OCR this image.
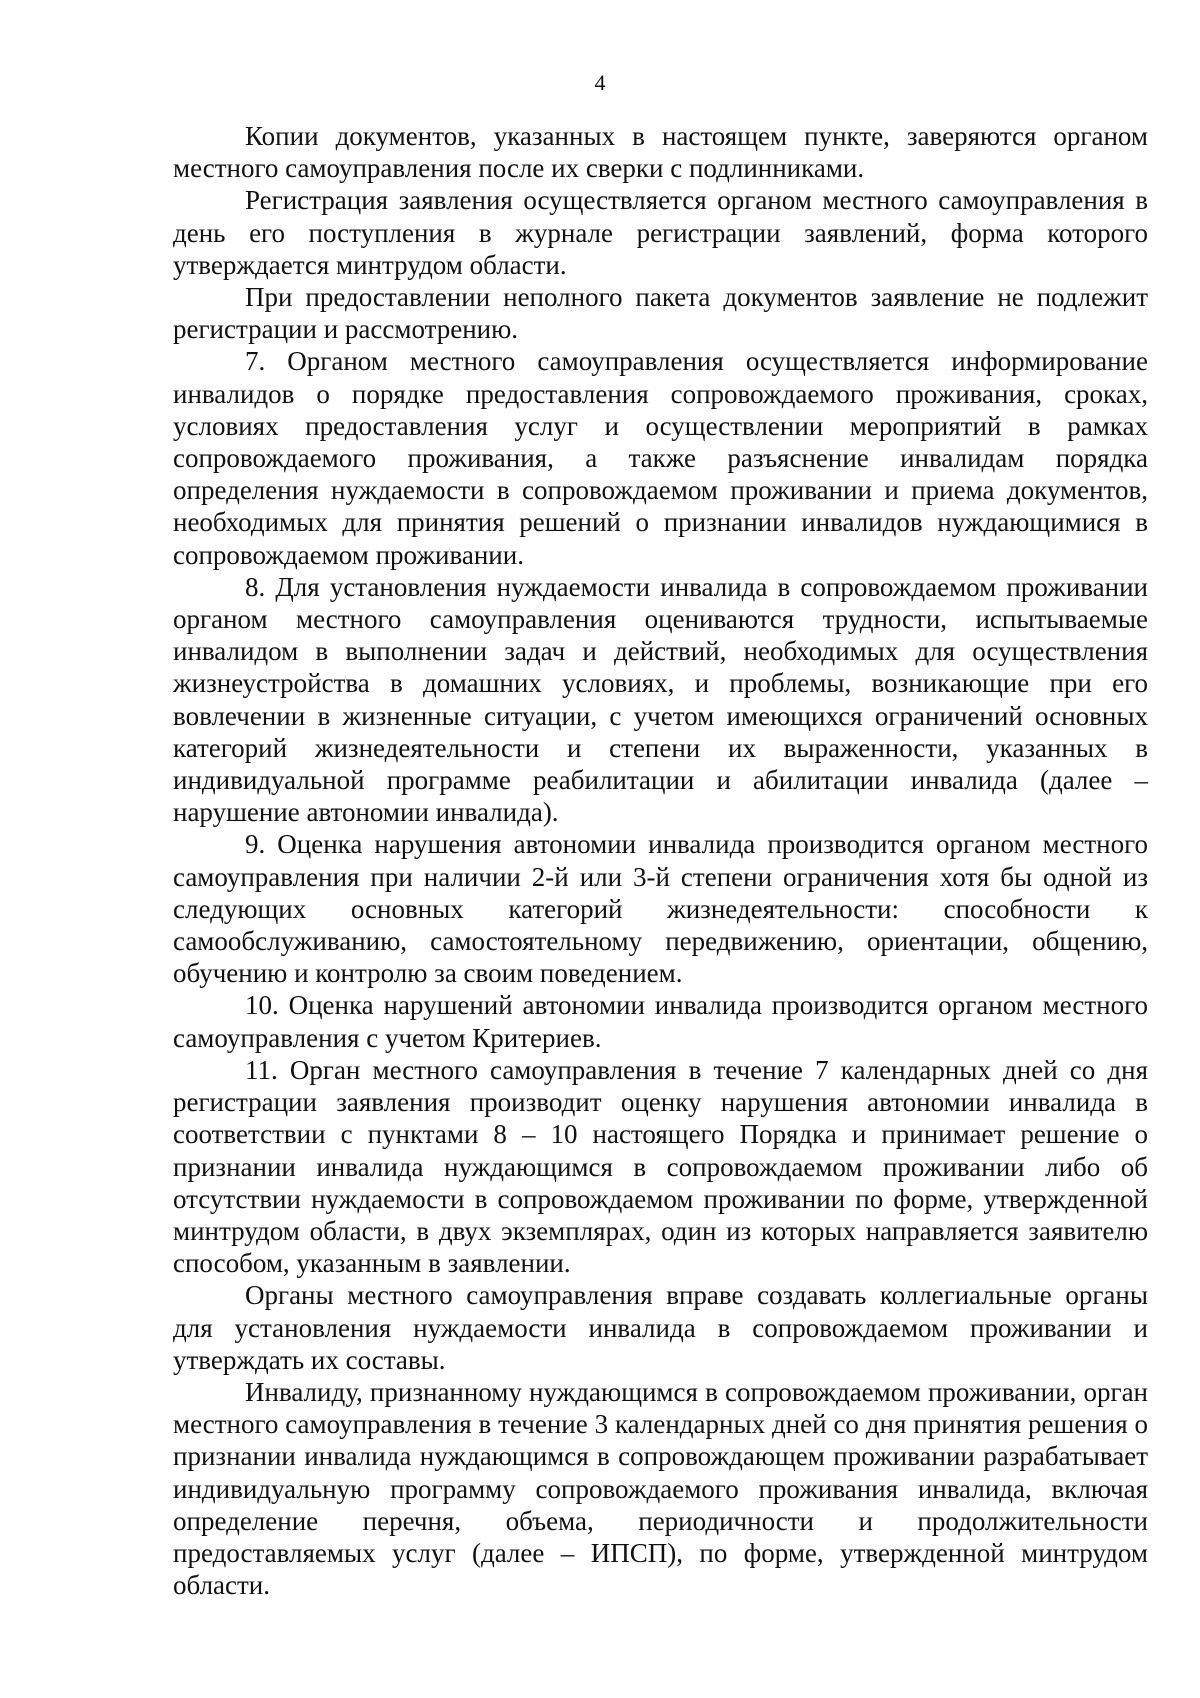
4

Копии документов, указанных в настоящем пункте, заверяются органом местного самоуправления после их сверки с подлинниками.

Регистрация заявления осуществляется органом местного самоуправления в день его поступления в журнале регистрации заявлений, форма которого утверждается минтрудом области.

При предоставлении неполного пакета документов заявление не подлежит регистрации и рассмотрению.

7. Органом местного самоуправления осуществляется информирование инвалидов о порядке предоставления сопровождаемого проживания, сроках, условиях предоставления услуг и осуществлении мероприятий в рамках сопровождаемого проживания, а также разъяснение инвалидам порядка определения нуждаемости в сопровождаемом проживании и приема документов, необходимых для принятия решений о признании инвалидов нуждающимися в сопровождаемом проживании.

8. Для установления нуждаемости инвалида в сопровождаемом проживании органом местного самоуправления оцениваются трудности, испытываемые инвалидом в выполнении задач и действий, необходимых для осуществления жизнеустройства в домашних условиях, и проблемы, возникающие при его вовлечении в жизненные ситуации, с учетом имеющихся ограничений основных категорий жизнедеятельности и степени их выраженности, указанных в индивидуальной программе реабилитации и абилитации инвалида (далее – нарушение автономии инвалида).

9. Оценка нарушения автономии инвалида производится органом местного самоуправления при наличии 2-й или 3-й степени ограничения хотя бы одной из следующих основных категорий жизнедеятельности: способности к самообслуживанию, самостоятельному передвижению, ориентации, общению, обучению и контролю за своим поведением.

10. Оценка нарушений автономии инвалида производится органом местного самоуправления с учетом Критериев.

11. Орган местного самоуправления в течение 7 календарных дней со дня регистрации заявления производит оценку нарушения автономии инвалида в соответствии с пунктами 8 – 10 настоящего Порядка и принимает решение о признании инвалида нуждающимся в сопровождаемом проживании либо об отсутствии нуждаемости в сопровождаемом проживании по форме, утвержденной минтрудом области, в двух экземплярах, один из которых направляется заявителю способом, указанным в заявлении.

Органы местного самоуправления вправе создавать коллегиальные органы для установления нуждаемости инвалида в сопровождаемом проживании и утверждать их составы.

Инвалиду, признанному нуждающимся в сопровождаемом проживании, орган местного самоуправления в течение 3 календарных дней со дня принятия решения о признании инвалида нуждающимся в сопровождающем проживании разрабатывает индивидуальную программу сопровождаемого проживания инвалида, включая определение перечня, объема, периодичности и продолжительности предоставляемых услуг (далее – ИПСП), по форме, утвержденной минтрудом области.
